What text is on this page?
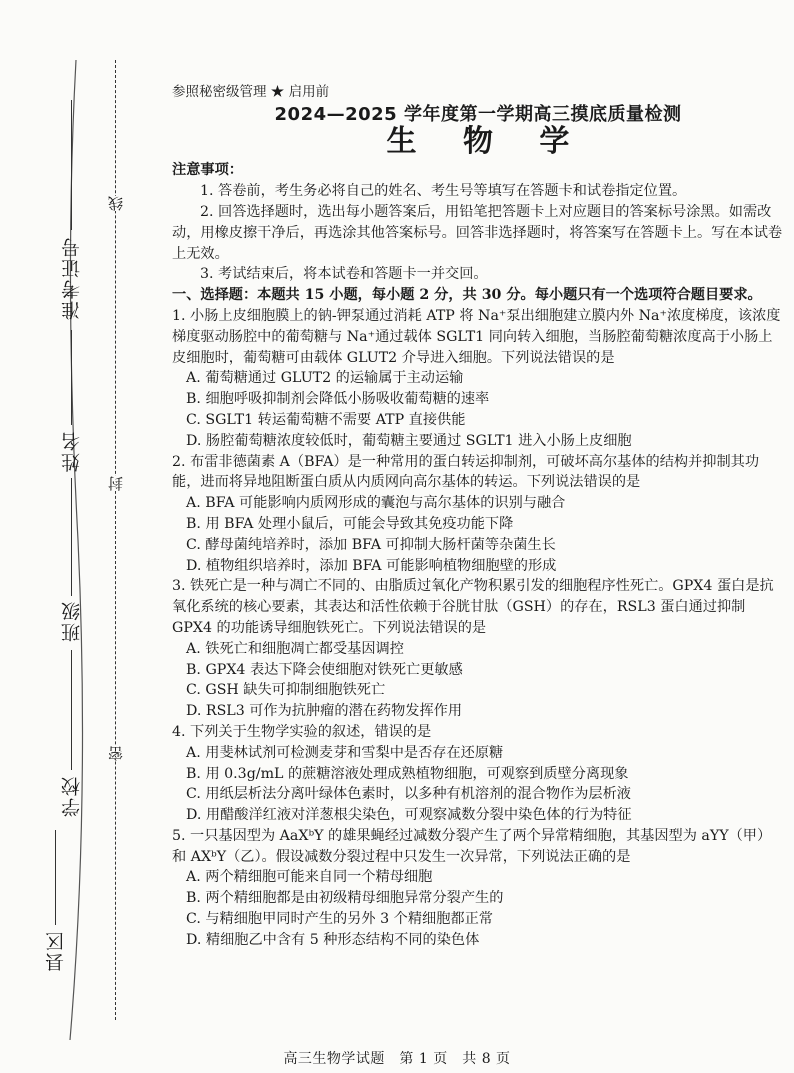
准考证号
姓名
班级
学校
县区
线
封
密
参照秘密级管理 ★ 启用前
2024—2025 学年度第一学期高三摸底质量检测
生 物 学
注意事项：
1. 答卷前，考生务必将自己的姓名、考生号等填写在答题卡和试卷指定位置。
2. 回答选择题时，选出每小题答案后，用铅笔把答题卡上对应题目的答案标号涂黑。如需改动，用橡皮擦干净后，再选涂其他答案标号。回答非选择题时，将答案写在答题卡上。写在本试卷上无效。
3. 考试结束后，将本试卷和答题卡一并交回。
一、选择题：本题共 15 小题，每小题 2 分，共 30 分。每小题只有一个选项符合题目要求。
1. 小肠上皮细胞膜上的钠-钾泵通过消耗 ATP 将 Na⁺泵出细胞建立膜内外 Na⁺浓度梯度，该浓度梯度驱动肠腔中的葡萄糖与 Na⁺通过载体 SGLT1 同向转入细胞，当肠腔葡萄糖浓度高于小肠上皮细胞时，葡萄糖可由载体 GLUT2 介导进入细胞。下列说法错误的是
A. 葡萄糖通过 GLUT2 的运输属于主动运输
B. 细胞呼吸抑制剂会降低小肠吸收葡萄糖的速率
C. SGLT1 转运葡萄糖不需要 ATP 直接供能
D. 肠腔葡萄糖浓度较低时，葡萄糖主要通过 SGLT1 进入小肠上皮细胞
2. 布雷非德菌素 A（BFA）是一种常用的蛋白转运抑制剂，可破坏高尔基体的结构并抑制其功能，进而将异地阻断蛋白质从内质网向高尔基体的转运。下列说法错误的是
A. BFA 可能影响内质网形成的囊泡与高尔基体的识别与融合
B. 用 BFA 处理小鼠后，可能会导致其免疫功能下降
C. 酵母菌纯培养时，添加 BFA 可抑制大肠杆菌等杂菌生长
D. 植物组织培养时，添加 BFA 可能影响植物细胞壁的形成
3. 铁死亡是一种与凋亡不同的、由脂质过氧化产物积累引发的细胞程序性死亡。GPX4 蛋白是抗氧化系统的核心要素，其表达和活性依赖于谷胱甘肽（GSH）的存在，RSL3 蛋白通过抑制 GPX4 的功能诱导细胞铁死亡。下列说法错误的是
A. 铁死亡和细胞凋亡都受基因调控
B. GPX4 表达下降会使细胞对铁死亡更敏感
C. GSH 缺失可抑制细胞铁死亡
D. RSL3 可作为抗肿瘤的潜在药物发挥作用
4. 下列关于生物学实验的叙述，错误的是
A. 用斐林试剂可检测麦芽和雪梨中是否存在还原糖
B. 用 0.3g/mL 的蔗糖溶液处理成熟植物细胞，可观察到质壁分离现象
C. 用纸层析法分离叶绿体色素时，以多种有机溶剂的混合物作为层析液
D. 用醋酸洋红液对洋葱根尖染色，可观察减数分裂中染色体的行为特征
5. 一只基因型为 AaXᵇY 的雄果蝇经过减数分裂产生了两个异常精细胞，其基因型为 aYY（甲）和 AXᵇY（乙）。假设减数分裂过程中只发生一次异常，下列说法正确的是
A. 两个精细胞可能来自同一个精母细胞
B. 两个精细胞都是由初级精母细胞异常分裂产生的
C. 与精细胞甲同时产生的另外 3 个精细胞都正常
D. 精细胞乙中含有 5 种形态结构不同的染色体
高三生物学试题　第 1 页　共 8 页
